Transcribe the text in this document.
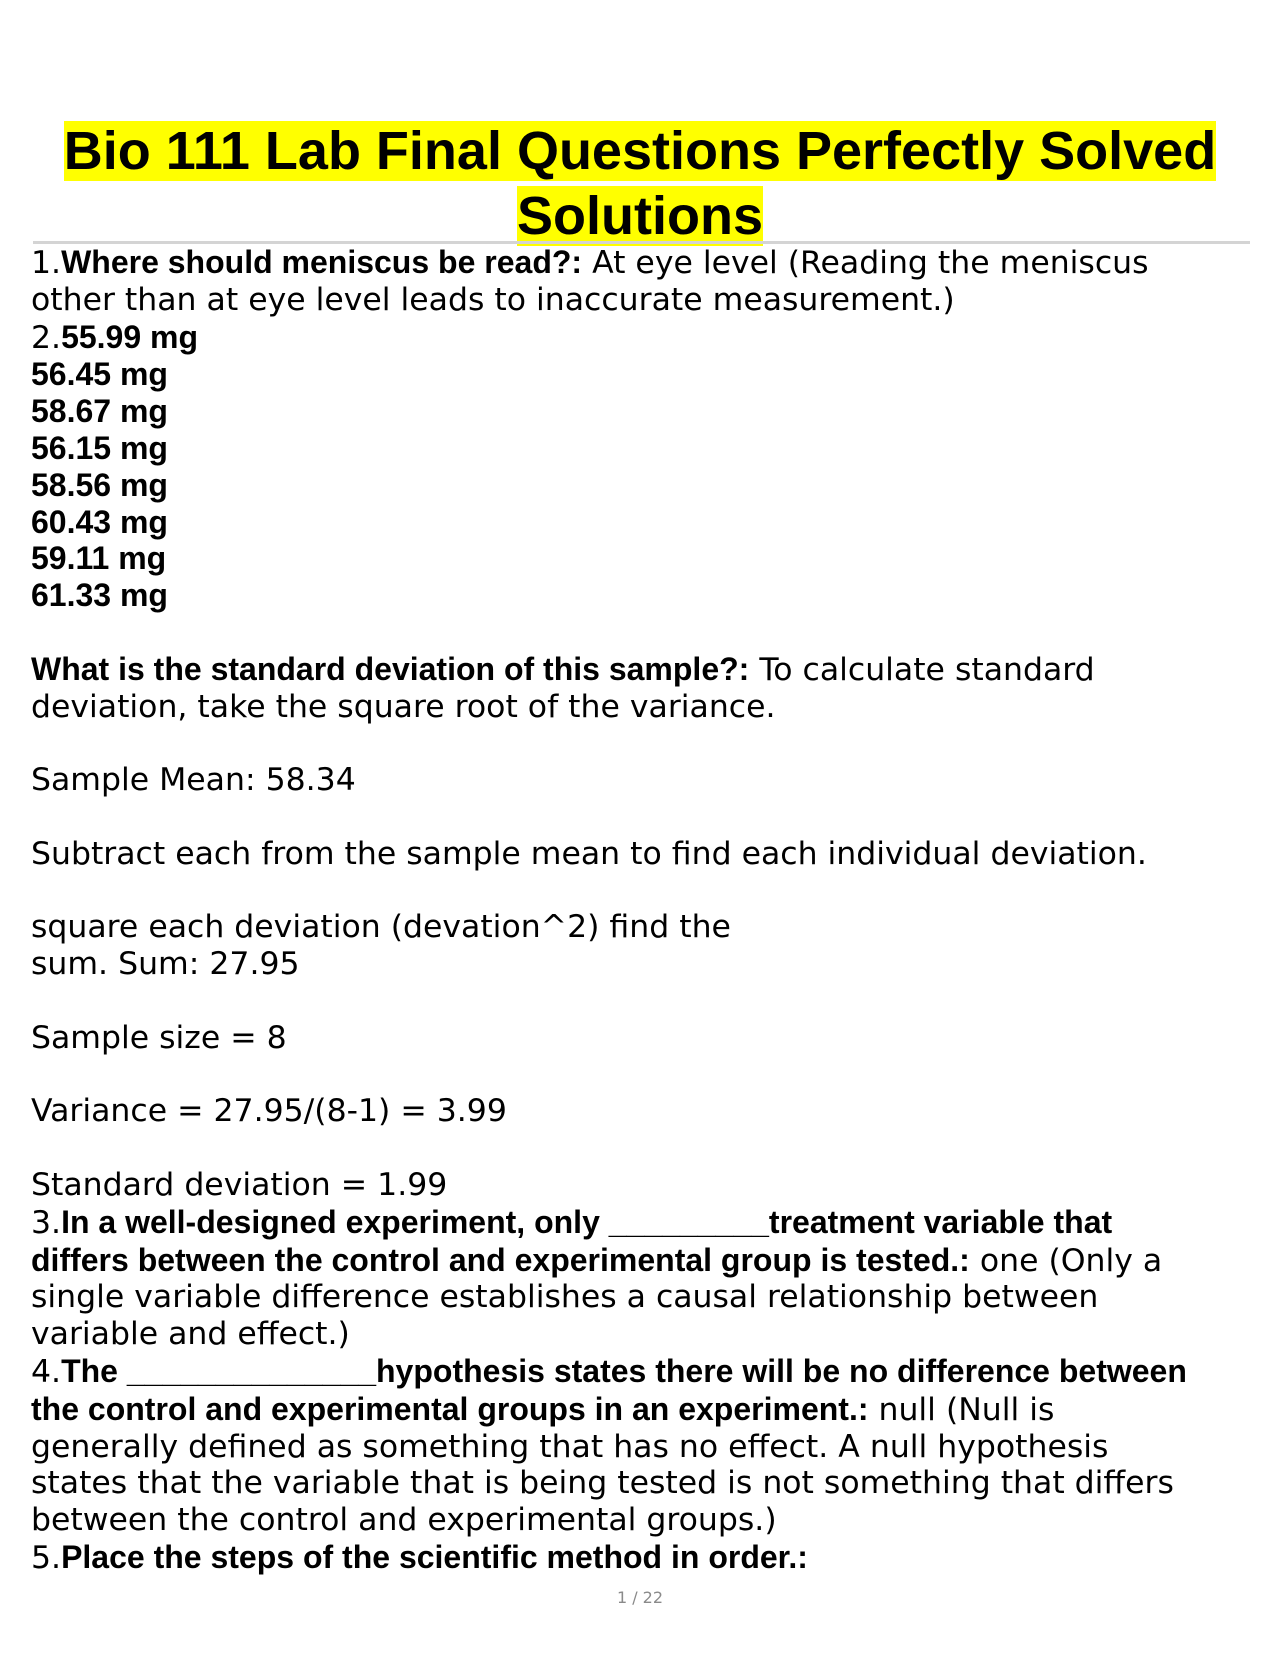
Bio 111 Lab Final Questions Perfectly Solved
Solutions
1.Where should meniscus be read?: At eye level (Reading the meniscus
other than at eye level leads to inaccurate measurement.)
2.55.99 mg
56.45 mg
58.67 mg
56.15 mg
58.56 mg
60.43 mg
59.11 mg
61.33 mg
What is the standard deviation of this sample?: To calculate standard
deviation, take the square root of the variance.
Sample Mean: 58.34
Subtract each from the sample mean to find each individual deviation.
square each deviation (devation^2) find the
sum. Sum: 27.95
Sample size = 8
Variance = 27.95/(8-1) = 3.99
Standard deviation = 1.99
3.In a well-designed experiment, only _________treatment variable that
differs between the control and experimental group is tested.: one (Only a
single variable difference establishes a causal relationship between
variable and effect.)
4.The ______________hypothesis states there will be no difference between
the control and experimental groups in an experiment.: null (Null is
generally defined as something that has no effect. A null hypothesis
states that the variable that is being tested is not something that differs
between the control and experimental groups.)
5.Place the steps of the scientific method in order.:
1 / 22
